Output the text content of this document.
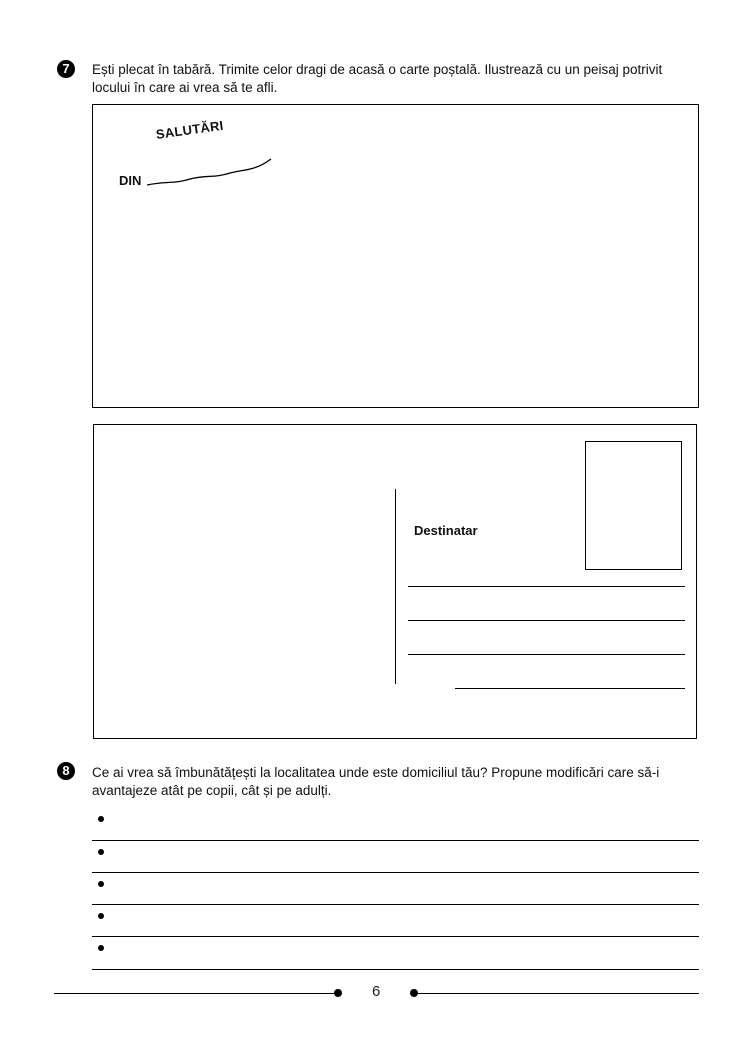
7	Ești plecat în tabără. Trimite celor dragi de acasă o carte poștală. Ilustrează cu un peisaj potrivit
locului în care ai vrea să te afli.
SALUTĂRI
DIN
Destinatar
8	Ce ai vrea să îmbunătățești la localitatea unde este domiciliul tău? Propune modificări care să-i
avantajeze atât pe copii, cât și pe adulți.
6
